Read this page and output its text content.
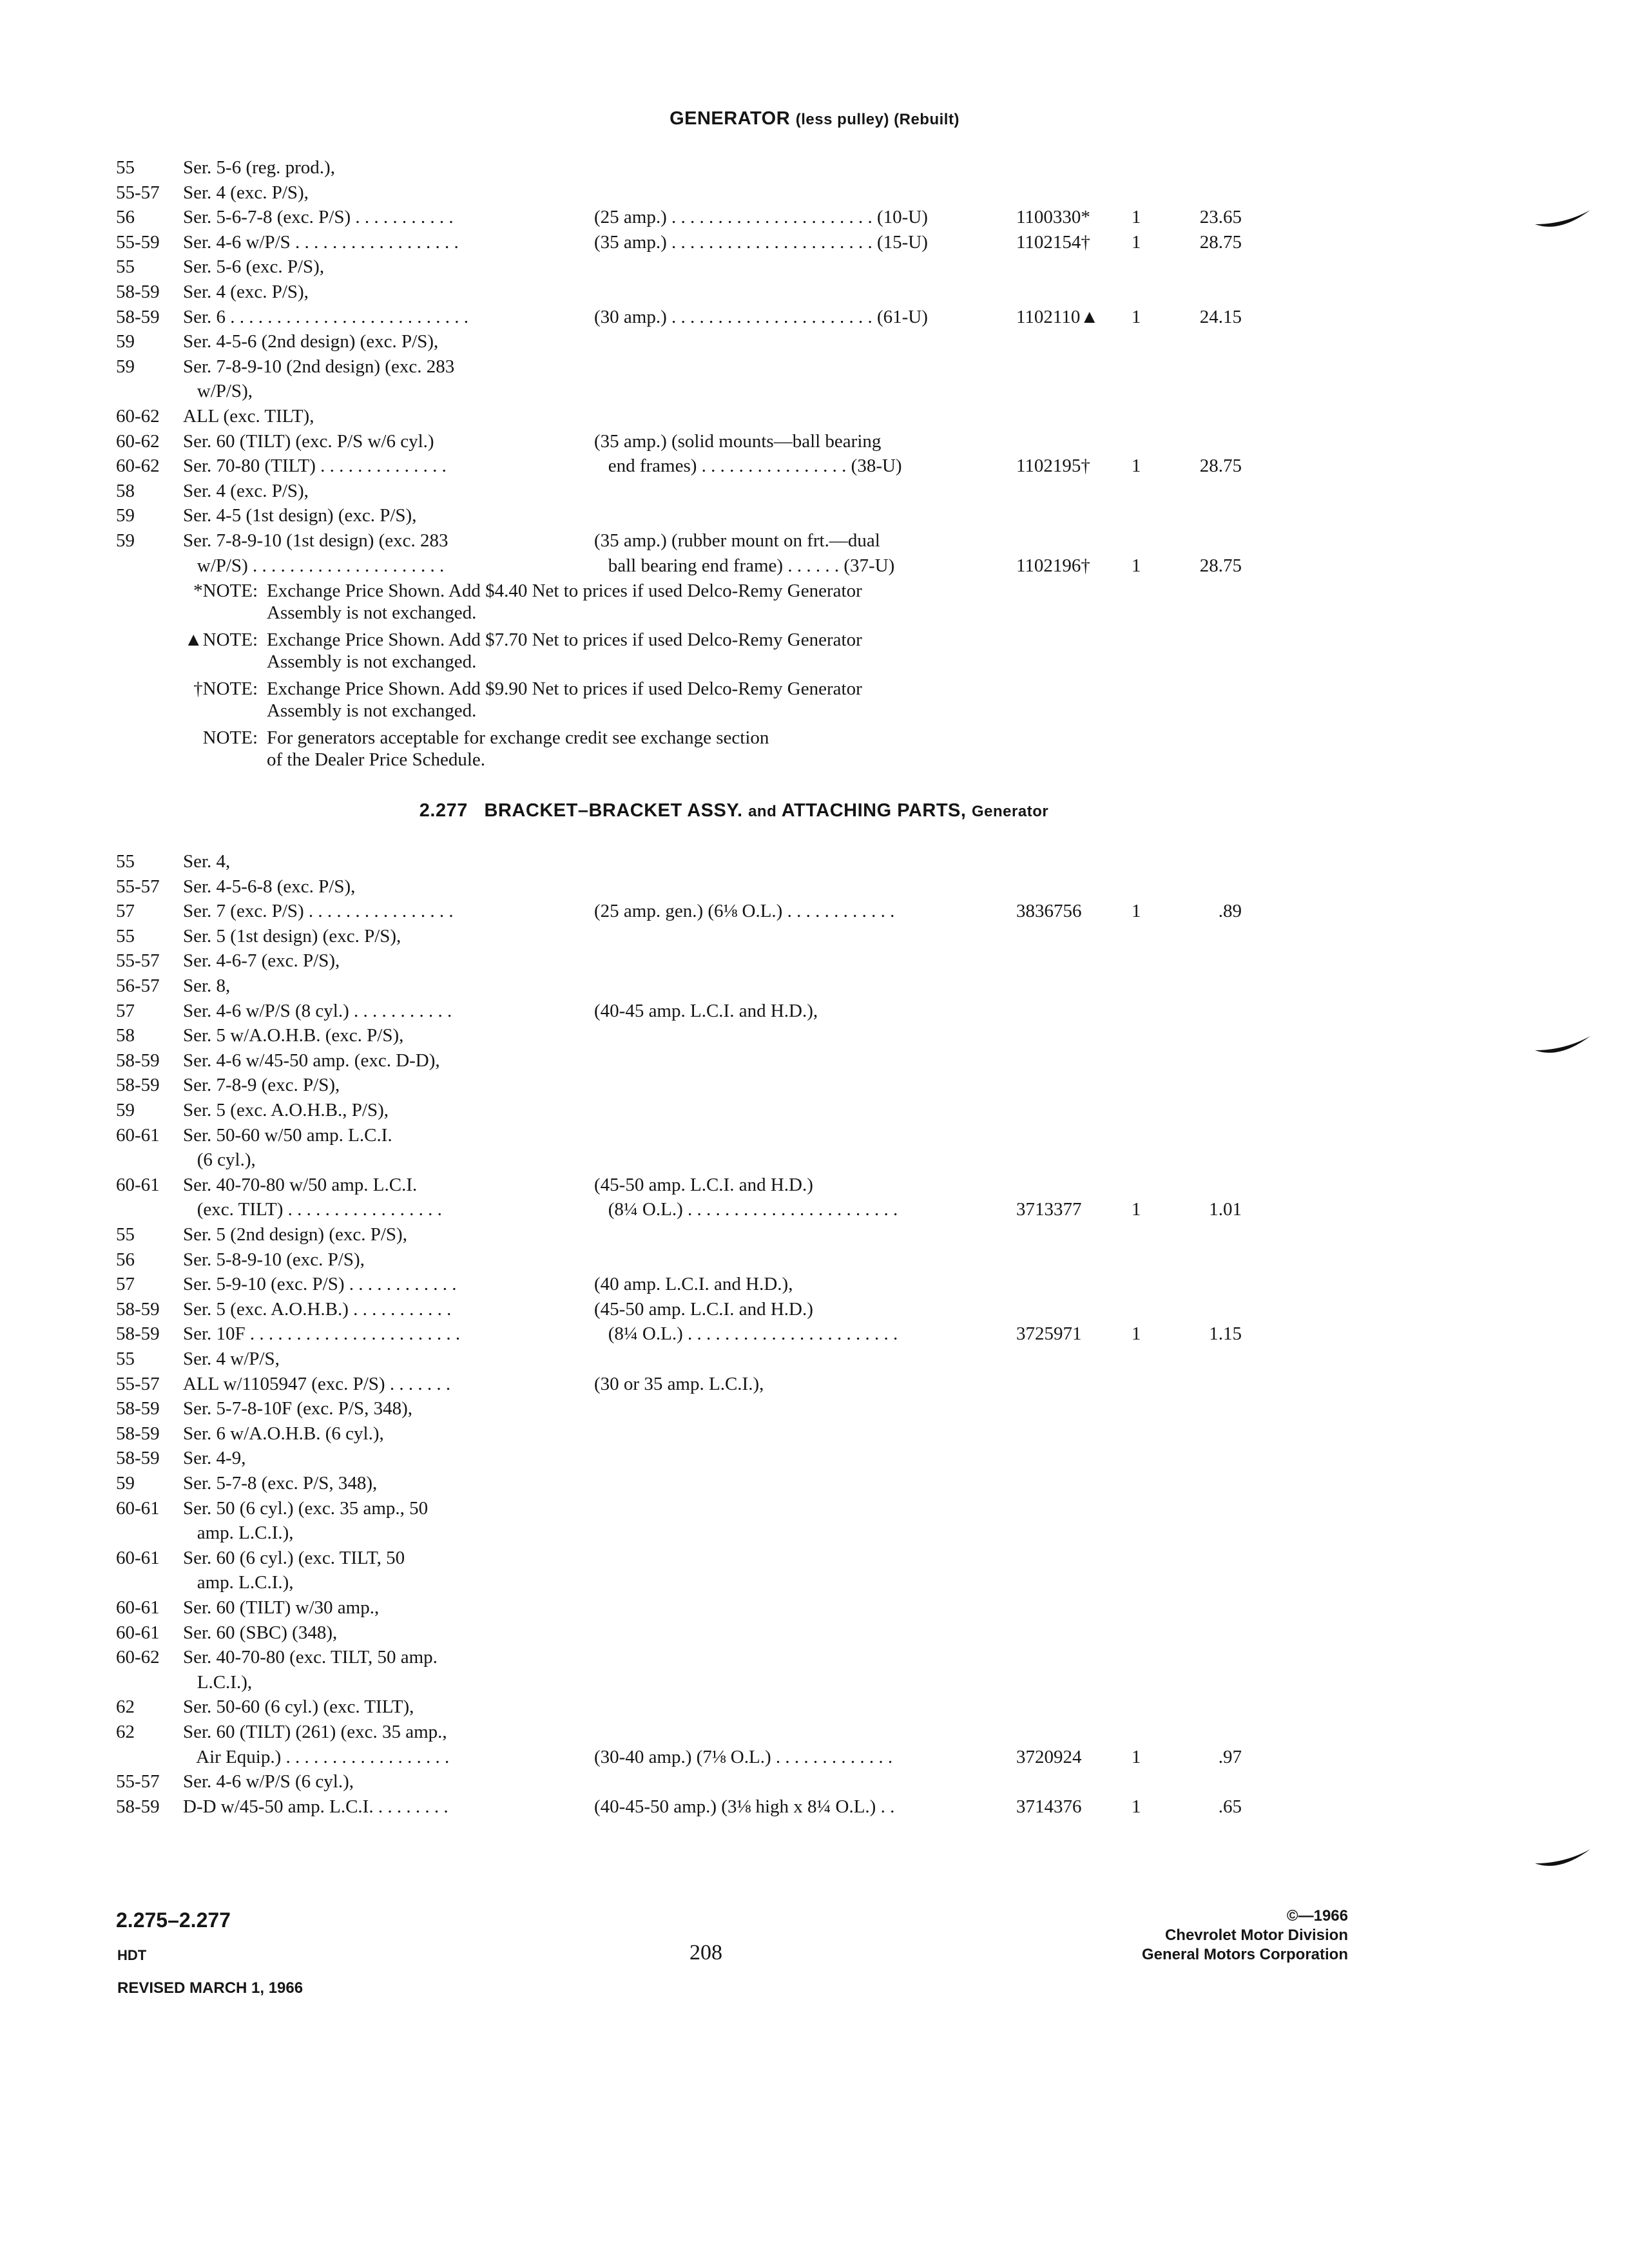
GENERATOR (less pulley) (Rebuilt)
55	Ser. 5-6 (reg. prod.),
55-57 Ser. 4 (exc. P/S),
56	Ser. 5-6-7-8 (exc. P/S) . . . . . . . . . . .	(25 amp.) . . . . . . . . . . . . . . . . . . . . . . (10-U)	1100330* 1	23.65
55-59 Ser. 4-6 w/P/S . . . . . . . . . . . . . . . . . .	(35 amp.) . . . . . . . . . . . . . . . . . . . . . . (15-U)	1102154† 1	28.75
55	Ser. 5-6 (exc. P/S),
58-59 Ser. 4 (exc. P/S),
58-59 Ser. 6 . . . . . . . . . . . . . . . . . . . . . . . . . .	(30 amp.) . . . . . . . . . . . . . . . . . . . . . . (61-U)	1102110▲ 1	24.15
59	Ser. 4-5-6 (2nd design) (exc. P/S),
59	Ser. 7-8-9-10 (2nd design) (exc. 283
w/P/S),
60-62 ALL (exc. TILT),
60-62 Ser. 60 (TILT) (exc. P/S w/6 cyl.)	(35 amp.) (solid mounts—ball bearing
60-62 Ser. 70-80 (TILT) . . . . . . . . . . . . . .	end frames) . . . . . . . . . . . . . . . . (38-U)	1102195† 1	28.75
58	Ser. 4 (exc. P/S),
59	Ser. 4-5 (1st design) (exc. P/S),
59	Ser. 7-8-9-10 (1st design) (exc. 283	(35 amp.) (rubber mount on frt.—dual
w/P/S) . . . . . . . . . . . . . . . . . . . . .	ball bearing end frame) . . . . . . (37-U)	1102196† 1	28.75
*NOTE: Exchange Price Shown. Add $4.40 Net to prices if used Delco-Remy Generator
Assembly is not exchanged.
▲NOTE: Exchange Price Shown. Add $7.70 Net to prices if used Delco-Remy Generator
Assembly is not exchanged.
†NOTE: Exchange Price Shown. Add $9.90 Net to prices if used Delco-Remy Generator
Assembly is not exchanged.
NOTE: For generators acceptable for exchange credit see exchange section
of the Dealer Price Schedule.
2.277 BRACKET–BRACKET ASSY. and ATTACHING PARTS, Generator
55	Ser. 4,
55-57 Ser. 4-5-6-8 (exc. P/S),
57	Ser. 7 (exc. P/S) . . . . . . . . . . . . . . . .	(25 amp. gen.) (6⅛ O.L.) . . . . . . . . . . . .	3836756	1	.89
55	Ser. 5 (1st design) (exc. P/S),
55-57 Ser. 4-6-7 (exc. P/S),
56-57 Ser. 8,
57	Ser. 4-6 w/P/S (8 cyl.) . . . . . . . . . . .	(40-45 amp. L.C.I. and H.D.),
58	Ser. 5 w/A.O.H.B. (exc. P/S),
58-59 Ser. 4-6 w/45-50 amp. (exc. D-D),
58-59 Ser. 7-8-9 (exc. P/S),
59	Ser. 5 (exc. A.O.H.B., P/S),
60-61 Ser. 50-60 w/50 amp. L.C.I.
(6 cyl.),
60-61 Ser. 40-70-80 w/50 amp. L.C.I.	(45-50 amp. L.C.I. and H.D.)
(exc. TILT) . . . . . . . . . . . . . . . . .	(8¼ O.L.) . . . . . . . . . . . . . . . . . . . . . . .	3713377	1	1.01
55	Ser. 5 (2nd design) (exc. P/S),
56	Ser. 5-8-9-10 (exc. P/S),
57	Ser. 5-9-10 (exc. P/S) . . . . . . . . . . . .	(40 amp. L.C.I. and H.D.),
58-59 Ser. 5 (exc. A.O.H.B.) . . . . . . . . . . .	(45-50 amp. L.C.I. and H.D.)
58-59 Ser. 10F . . . . . . . . . . . . . . . . . . . . . . .	(8¼ O.L.) . . . . . . . . . . . . . . . . . . . . . . .	3725971	1	1.15
55	Ser. 4 w/P/S,
55-57 ALL w/1105947 (exc. P/S) . . . . . . .	(30 or 35 amp. L.C.I.),
58-59 Ser. 5-7-8-10F (exc. P/S, 348),
58-59 Ser. 6 w/A.O.H.B. (6 cyl.),
58-59 Ser. 4-9,
59	Ser. 5-7-8 (exc. P/S, 348),
60-61 Ser. 50 (6 cyl.) (exc. 35 amp., 50
amp. L.C.I.),
60-61 Ser. 60 (6 cyl.) (exc. TILT, 50
amp. L.C.I.),
60-61 Ser. 60 (TILT) w/30 amp.,
60-61 Ser. 60 (SBC) (348),
60-62 Ser. 40-70-80 (exc. TILT, 50 amp.
L.C.I.),
62	Ser. 50-60 (6 cyl.) (exc. TILT),
62	Ser. 60 (TILT) (261) (exc. 35 amp.,
Air Equip.) . . . . . . . . . . . . . . . . . .	(30-40 amp.) (7⅛ O.L.) . . . . . . . . . . . . .	3720924	1	.97
55-57 Ser. 4-6 w/P/S (6 cyl.),
58-59 D-D w/45-50 amp. L.C.I. . . . . . . . .	(40-45-50 amp.) (3⅛ high x 8¼ O.L.) . .	3714376	1	.65
2.275–2.277
HDT
REVISED MARCH 1, 1966
208
©—1966
Chevrolet Motor Division
General Motors Corporation
